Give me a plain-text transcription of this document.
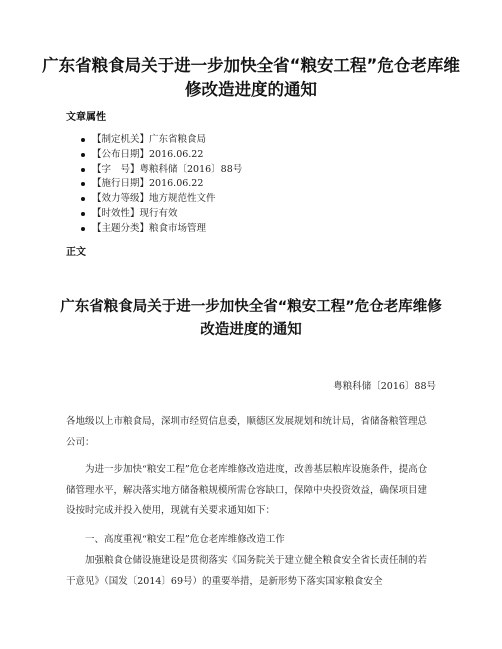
广东省粮食局关于进一步加快全省“粮安工程”危仓老库维修改造进度的通知
文章属性
【制定机关】广东省粮食局
【公布日期】2016.06.22
【字　号】粤粮科储〔2016〕88号
【施行日期】2016.06.22
【效力等级】地方规范性文件
【时效性】现行有效
【主题分类】粮食市场管理
正文
广东省粮食局关于进一步加快全省“粮安工程”危仓老库维修改造进度的通知
粤粮科储〔2016〕88号

各地级以上市粮食局，深圳市经贸信息委，顺德区发展规划和统计局，省储备粮管理总公司：

为进一步加快“粮安工程”危仓老库维修改造进度，改善基层粮库设施条件，提高仓储管理水平，解决落实地方储备粮规模所需仓容缺口，保障中央投资效益，确保项目建设按时完成并投入使用，现就有关要求通知如下：

一、高度重视“粮安工程”危仓老库维修改造工作

加强粮食仓储设施建设是贯彻落实《国务院关于建立健全粮食安全省长责任制的若干意见》（国发〔2014〕69号）的重要举措，是新形势下落实国家粮食安全
